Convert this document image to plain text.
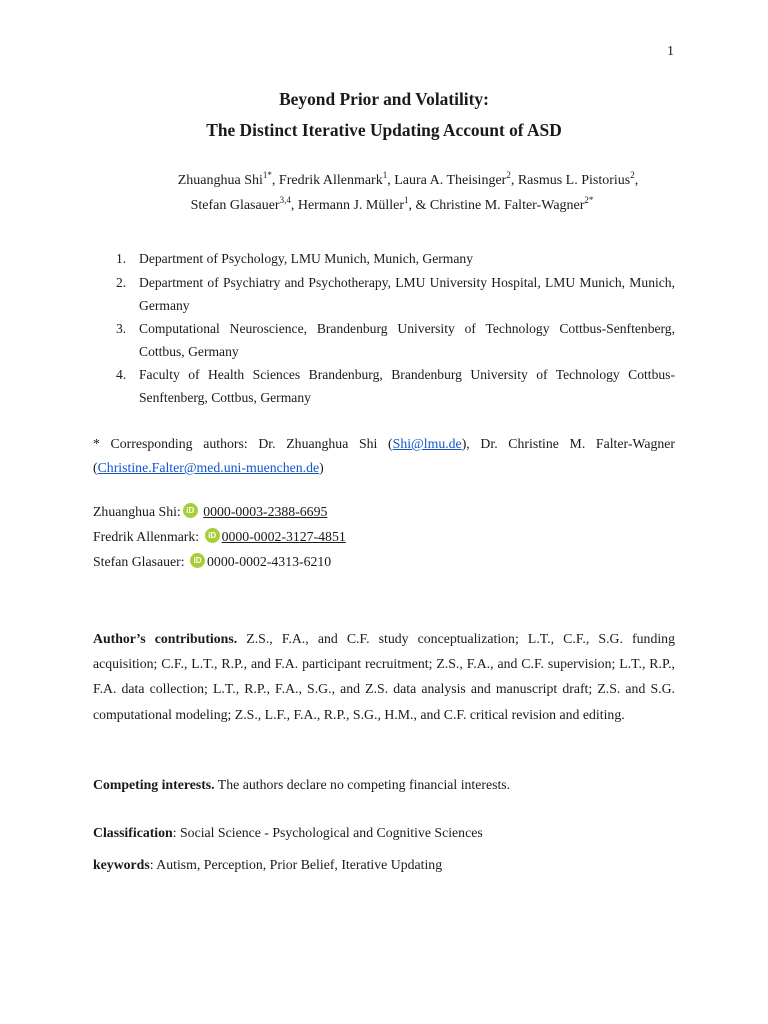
1
Beyond Prior and Volatility:
The Distinct Iterative Updating Account of ASD
Zhuanghua Shi$^{1*}$, Fredrik Allenmark$^1$, Laura A. Theisinger$^2$, Rasmus L. Pistorius$^2$,
Stefan Glasauer$^{3,4}$, Hermann J. Müller$^1$, & Christine M. Falter-Wagner$^{2*}$
1. Department of Psychology, LMU Munich, Munich, Germany
2. Department of Psychiatry and Psychotherapy, LMU University Hospital, LMU Munich, Munich, Germany
3. Computational Neuroscience, Brandenburg University of Technology Cottbus-Senftenberg, Cottbus, Germany
4. Faculty of Health Sciences Brandenburg, Brandenburg University of Technology Cottbus-Senftenberg, Cottbus, Germany
* Corresponding authors: Dr. Zhuanghua Shi (Shi@lmu.de), Dr. Christine M. Falter-Wagner (Christine.Falter@med.uni-muenchen.de)
Zhuanghua Shi: iD 0000-0003-2388-6695
Fredrik Allenmark: iD 0000-0002-3127-4851
Stefan Glasauer: iD 0000-0002-4313-6210
Author’s contributions. Z.S., F.A., and C.F. study conceptualization; L.T., C.F., S.G. funding acquisition; C.F., L.T., R.P., and F.A. participant recruitment; Z.S., F.A., and C.F. supervision; L.T., R.P., F.A. data collection; L.T., R.P., F.A., S.G., and Z.S. data analysis and manuscript draft; Z.S. and S.G. computational modeling; Z.S., L.F., F.A., R.P., S.G., H.M., and C.F. critical revision and editing.
Competing interests. The authors declare no competing financial interests.
Classification: Social Science - Psychological and Cognitive Sciences
keywords: Autism, Perception, Prior Belief, Iterative Updating
